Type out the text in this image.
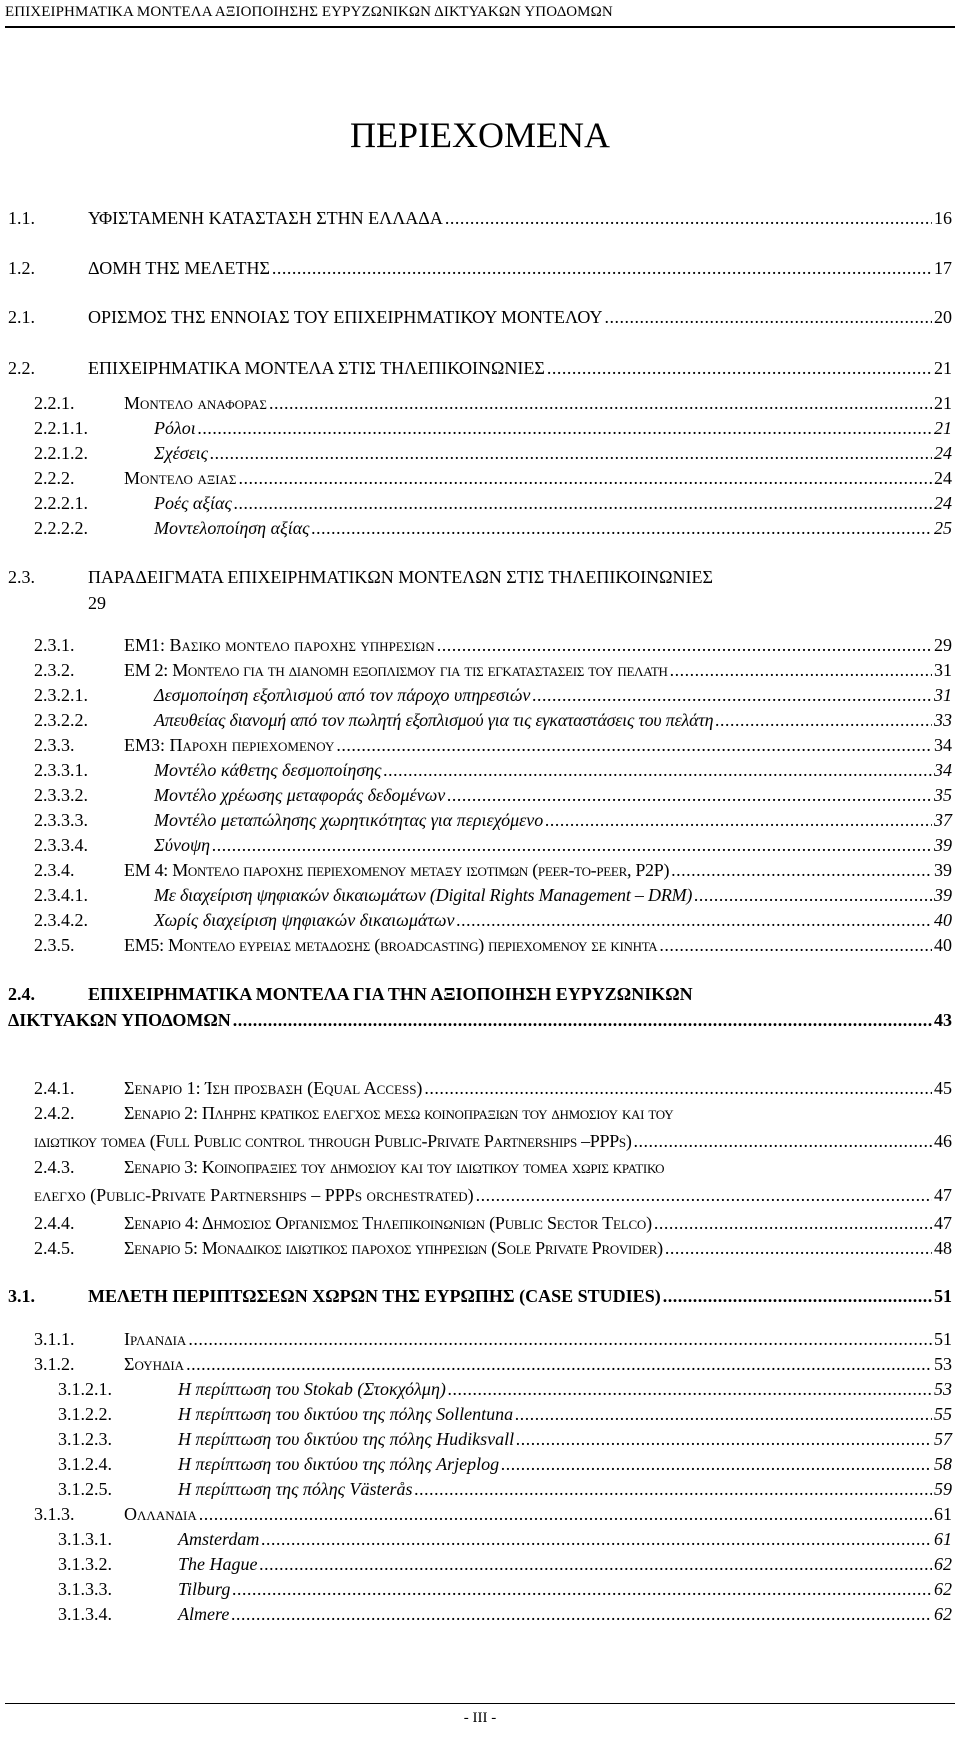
ΕΠΙΧΕΙΡΗΜΑΤΙΚΑ ΜΟΝΤΕΛΑ ΑΞΙΟΠΟΙΗΣΗΣ ΕΥΡΥΖΩΝΙΚΩΝ ΔΙΚΤΥΑΚΩΝ ΥΠΟΔΟΜΩΝ
ΠΕΡΙΕΧΟΜΕΝΑ
1.1.	ΥΦΙΣΤΑΜΕΝΗ ΚΑΤΑΣΤΑΣΗ ΣΤΗΝ ΕΛΛΑΔΑ .....	16
1.2.	ΔΟΜΗ ΤΗΣ ΜΕΛΕΤΗΣ .....	17
2.1.	ΟΡΙΣΜΟΣ ΤΗΣ ΕΝΝΟΙΑΣ ΤΟΥ ΕΠΙΧΕΙΡΗΜΑΤΙΚΟΥ ΜΟΝΤΕΛΟΥ .....	20
2.2.	ΕΠΙΧΕΙΡΗΜΑΤΙΚΑ ΜΟΝΤΕΛΑ ΣΤΙΣ ΤΗΛΕΠΙΚΟΙΝΩΝΙΕΣ .....	21
2.2.1.	Μοντελο αναφορας .....	21
2.2.1.1.	Ρόλοι .....	21
2.2.1.2.	Σχέσεις .....	24
2.2.2.	Μοντελο αξιας .....	24
2.2.2.1.	Ροές αξίας .....	24
2.2.2.2.	Μοντελοποίηση αξίας .....	25
2.3.	ΠΑΡΑΔΕΙΓΜΑΤΑ ΕΠΙΧΕΙΡΗΜΑΤΙΚΩΝ ΜΟΝΤΕΛΩΝ ΣΤΙΣ ΤΗΛΕΠΙΚΟΙΝΩΝΙΕΣ
29
2.3.1.	ΕΜ1: Βασικο μοντελο παροχης υπηρεσιων .....	29
2.3.2.	ΕΜ 2: Μοντελο για τη διανομη εξοπλισμου για τις εγκαταστασεις του πελατη .....	31
2.3.2.1.	Δεσμοποίηση εξοπλισμού από τον πάροχο υπηρεσιών .....	31
2.3.2.2.	Απευθείας διανομή από τον πωλητή εξοπλισμού για τις εγκαταστάσεις του πελάτη .....	33
2.3.3.	ΕΜ3: Παροχη περιεχομενου .....	34
2.3.3.1.	Μοντέλο κάθετης δεσμοποίησης .....	34
2.3.3.2.	Μοντέλο χρέωσης μεταφοράς δεδομένων .....	35
2.3.3.3.	Μοντέλο μεταπώλησης χωρητικότητας για περιεχόμενο .....	37
2.3.3.4.	Σύνοψη .....	39
2.3.4.	ΕΜ 4: Μοντελο παροχης περιεχομενου μεταξυ ισοτιμων (peer-to-peer, P2P) .....	39
2.3.4.1.	Με διαχείριση ψηφιακών δικαιωμάτων (Digital Rights Management – DRM) .....	39
2.3.4.2.	Χωρίς διαχείριση ψηφιακών δικαιωμάτων .....	40
2.3.5.	ΕΜ5: Μοντελο ευρειας μεταδοσης (broadcasting) περιεχομενου σε κινητα .....	40
2.4.	ΕΠΙΧΕΙΡΗΜΑΤΙΚΑ ΜΟΝΤΕΛΑ ΓΙΑ ΤΗΝ ΑΞΙΟΠΟΙΗΣΗ ΕΥΡΥΖΩΝΙΚΩΝ
ΔΙΚΤΥΑΚΩΝ ΥΠΟΔΟΜΩΝ .....	43
2.4.1.	Σεναριο 1: Ίση προσβαση (Equal Access) .....	45
2.4.2.	Σεναριο 2: Πληρης κρατικος ελεγχος μεσω κοινοπραξιων του δημοσιου και του
ιδιωτικου τομεα (Full Public control through Public-Private Partnerships –PPPs) .....	46
2.4.3.	Σεναριο 3: Κοινοπραξιες του δημοσιου και του ιδιωτικου τομεα χωρις κρατικο
ελεγχο (Public-Private Partnerships – PPPs orchestrated) .....	47
2.4.4.	Σεναριο 4: Δημοσιος Οργανισμος Τηλεπικοινωνιων (Public Sector Telco) .....	47
2.4.5.	Σεναριο 5: Μοναδικος ιδιωτικος παροχος υπηρεσιων (Sole Private Provider) .....	48
3.1.	ΜΕΛΕΤΗ ΠΕΡΙΠΤΩΣΕΩΝ ΧΩΡΩΝ ΤΗΣ ΕΥΡΩΠΗΣ (CASE STUDIES) .....	51
3.1.1.	Ιρλανδια .....	51
3.1.2.	Σουηδια .....	53
3.1.2.1.	Η περίπτωση του Stokab (Στοκχόλμη) .....	53
3.1.2.2.	Η περίπτωση του δικτύου της πόλης Sollentuna .....	55
3.1.2.3.	Η περίπτωση του δικτύου της πόλης Hudiksvall .....	57
3.1.2.4.	Η περίπτωση του δικτύου της πόλης Arjeplog .....	58
3.1.2.5.	Η περίπτωση της πόλης Västerås .....	59
3.1.3.	Ολλανδια .....	61
3.1.3.1.	Amsterdam .....	61
3.1.3.2.	The Hague .....	62
3.1.3.3.	Tilburg .....	62
3.1.3.4.	Almere .....	62
- III -
